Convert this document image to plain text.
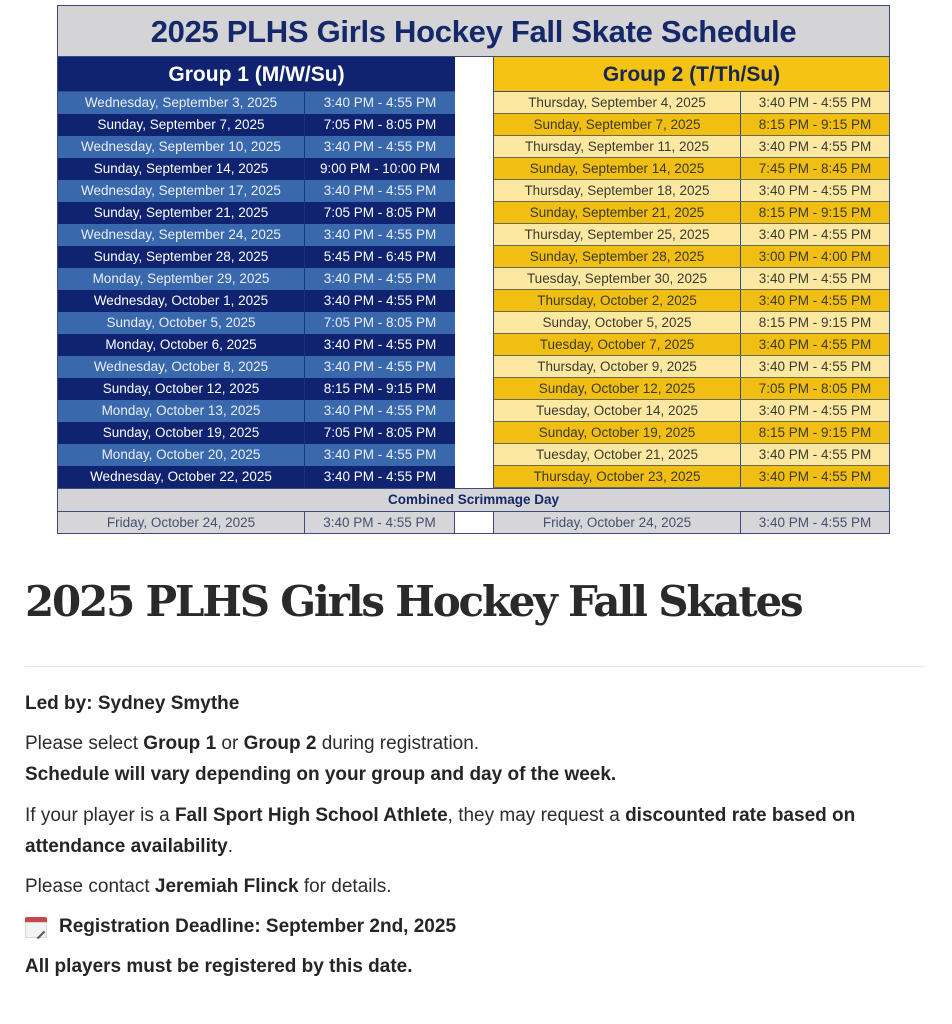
2025 PLHS Girls Hockey Fall Skate Schedule
Group 1 (M/W/Su)
Wednesday, September 3, 2025	3:40 PM - 4:55 PM
Sunday, September 7, 2025	7:05 PM - 8:05 PM
Wednesday, September 10, 2025	3:40 PM - 4:55 PM
Sunday, September 14, 2025	9:00 PM - 10:00 PM
Wednesday, September 17, 2025	3:40 PM - 4:55 PM
Sunday, September 21, 2025	7:05 PM - 8:05 PM
Wednesday, September 24, 2025	3:40 PM - 4:55 PM
Sunday, September 28, 2025	5:45 PM - 6:45 PM
Monday, September 29, 2025	3:40 PM - 4:55 PM
Wednesday, October 1, 2025	3:40 PM - 4:55 PM
Sunday, October 5, 2025	7:05 PM - 8:05 PM
Monday, October 6, 2025	3:40 PM - 4:55 PM
Wednesday, October 8, 2025	3:40 PM - 4:55 PM
Sunday, October 12, 2025	8:15 PM - 9:15 PM
Monday, October 13, 2025	3:40 PM - 4:55 PM
Sunday, October 19, 2025	7:05 PM - 8:05 PM
Monday, October 20, 2025	3:40 PM - 4:55 PM
Wednesday, October 22, 2025	3:40 PM - 4:55 PM
Group 2 (T/Th/Su)
Thursday, September 4, 2025	3:40 PM - 4:55 PM
Sunday, September 7, 2025	8:15 PM - 9:15 PM
Thursday, September 11, 2025	3:40 PM - 4:55 PM
Sunday, September 14, 2025	7:45 PM - 8:45 PM
Thursday, September 18, 2025	3:40 PM - 4:55 PM
Sunday, September 21, 2025	8:15 PM - 9:15 PM
Thursday, September 25, 2025	3:40 PM - 4:55 PM
Sunday, September 28, 2025	3:00 PM - 4:00 PM
Tuesday, September 30, 2025	3:40 PM - 4:55 PM
Thursday, October 2, 2025	3:40 PM - 4:55 PM
Sunday, October 5, 2025	8:15 PM - 9:15 PM
Tuesday, October 7, 2025	3:40 PM - 4:55 PM
Thursday, October 9, 2025	3:40 PM - 4:55 PM
Sunday, October 12, 2025	7:05 PM - 8:05 PM
Tuesday, October 14, 2025	3:40 PM - 4:55 PM
Sunday, October 19, 2025	8:15 PM - 9:15 PM
Tuesday, October 21, 2025	3:40 PM - 4:55 PM
Thursday, October 23, 2025	3:40 PM - 4:55 PM
Combined Scrimmage Day
Friday, October 24, 2025	3:40 PM - 4:55 PM	Friday, October 24, 2025	3:40 PM - 4:55 PM
2025 PLHS Girls Hockey Fall Skates

Led by: Sydney Smythe

Please select Group 1 or Group 2 during registration.
Schedule will vary depending on your group and day of the week.

If your player is a Fall Sport High School Athlete, they may request a discounted rate based on attendance availability.

Please contact Jeremiah Flinck for details.

Registration Deadline: September 2nd, 2025

All players must be registered by this date.
